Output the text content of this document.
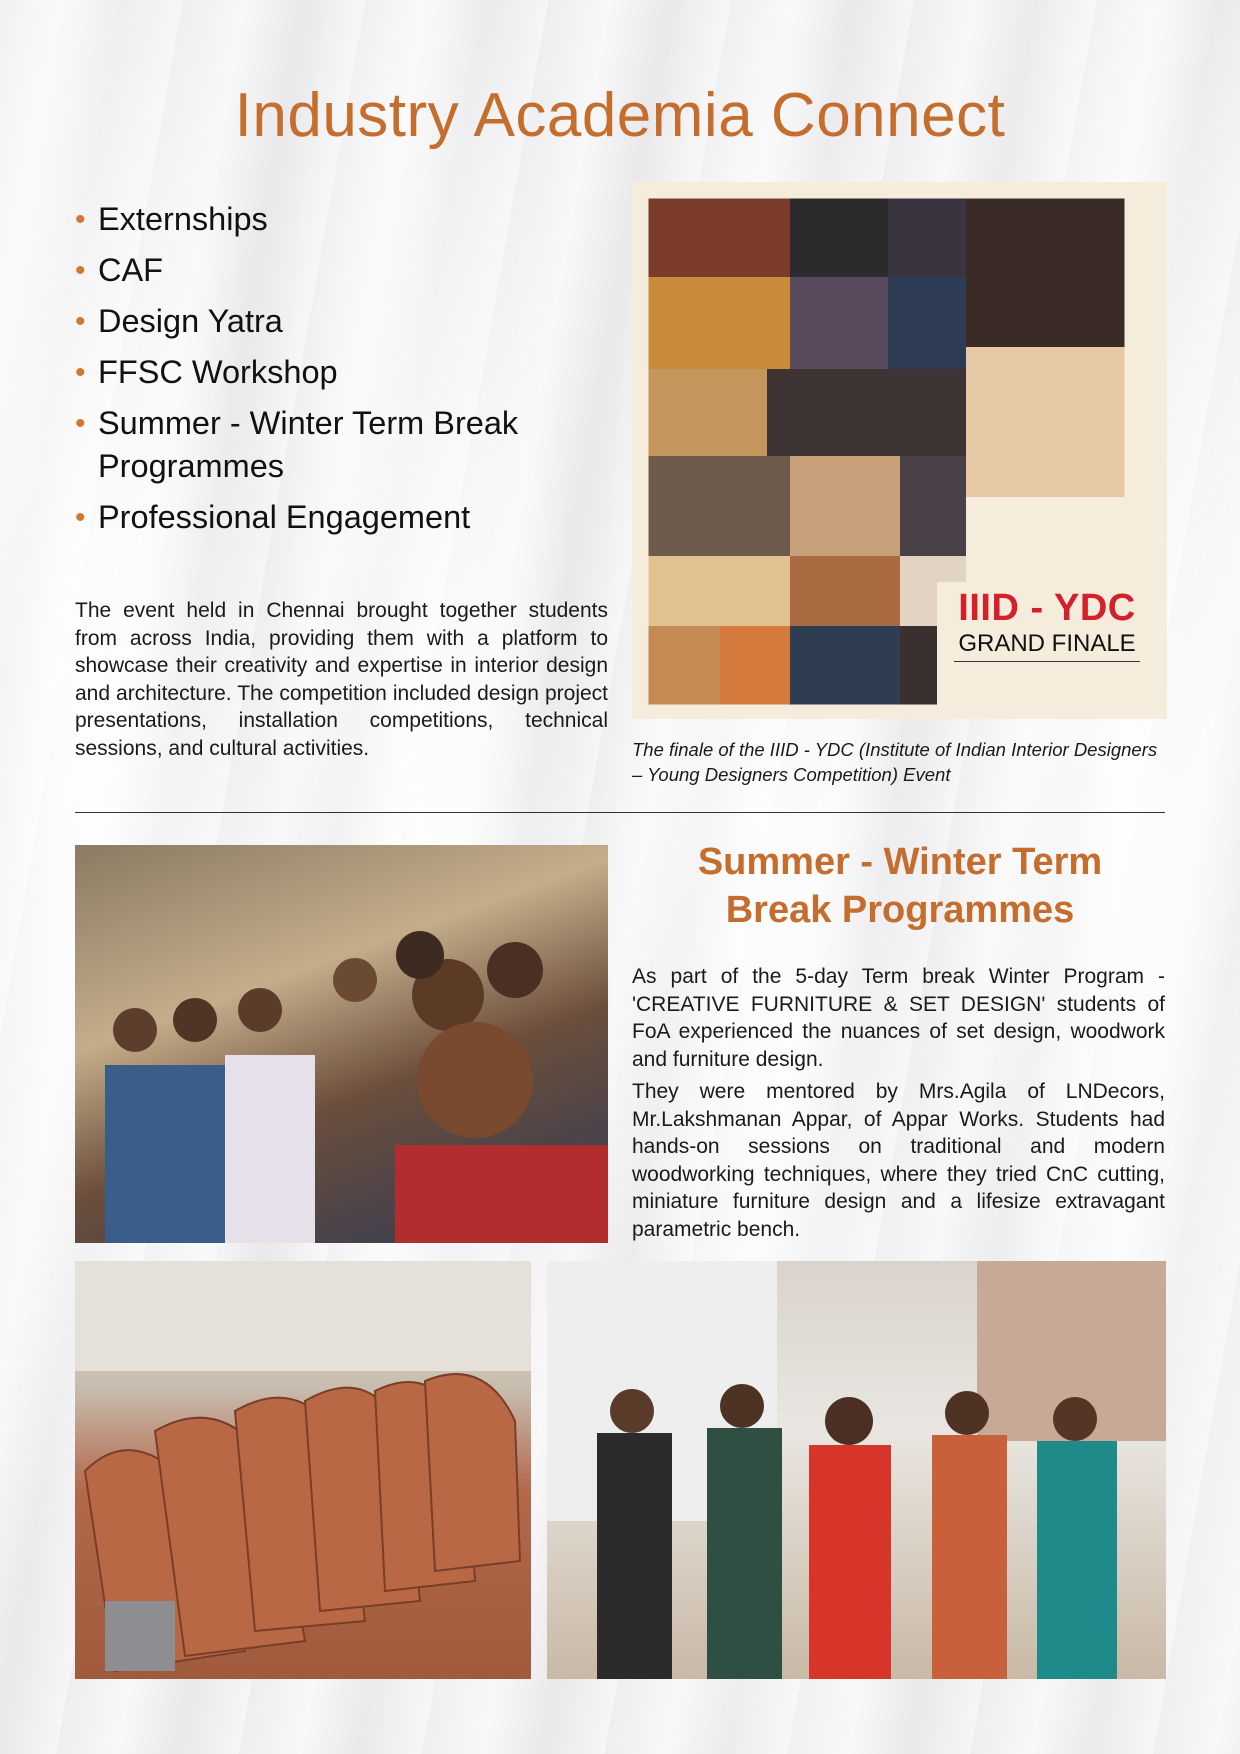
Industry Academia Connect
• Externships
• CAF
• Design Yatra
• FFSC Workshop
• Summer - Winter Term Break Programmes
• Professional Engagement

The event held in Chennai brought together students from across India, providing them with a platform to showcase their creativity and expertise in interior design and architecture. The competition included design project presentations, installation competitions, technical sessions, and cultural activities.

IIID - YDC
GRAND FINALE
The finale of the IIID - YDC (Institute of Indian Interior Designers – Young Designers Competition) Event
Summer - Winter Term
Break Programmes

As part of the 5-day Term break Winter Program - 'CREATIVE FURNITURE & SET DESIGN' students of FoA experienced the nuances of set design, woodwork and furniture design.

They were mentored by Mrs.Agila of LNDecors, Mr.Lakshmanan Appar, of Appar Works. Students had hands-on sessions on traditional and modern woodworking techniques, where they tried CnC cutting, miniature furniture design and a lifesize extravagant parametric bench.
